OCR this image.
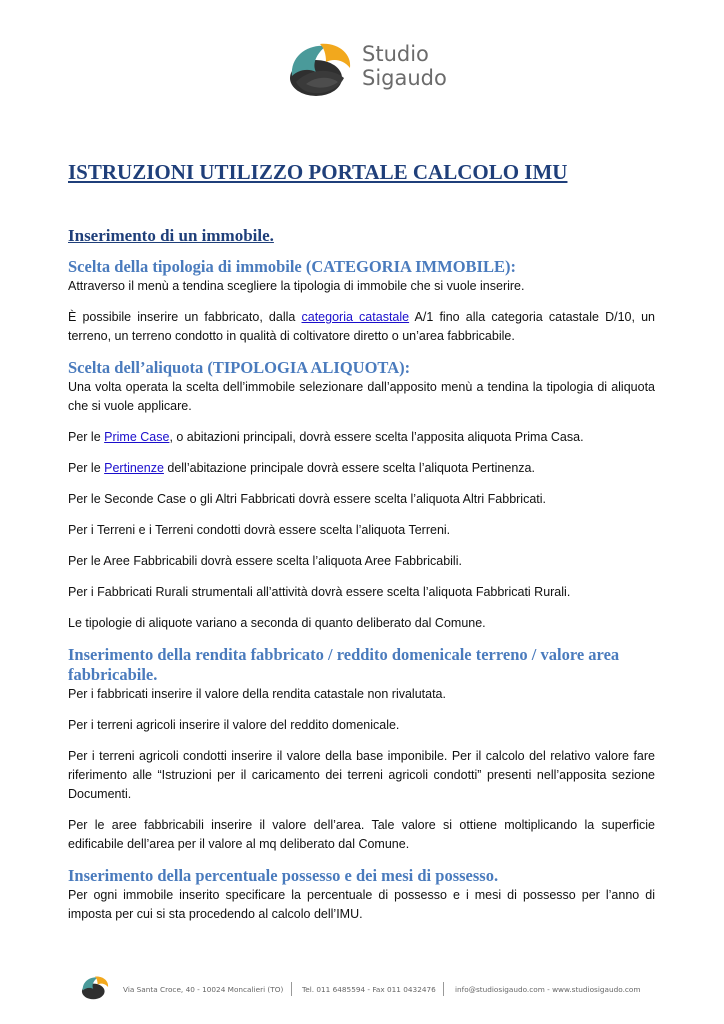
Studio
Sigaudo
ISTRUZIONI UTILIZZO PORTALE CALCOLO IMU
Inserimento di un immobile.
Scelta della tipologia di immobile (CATEGORIA IMMOBILE):

Attraverso il menù a tendina scegliere la tipologia di immobile che si vuole inserire.

È possibile inserire un fabbricato, dalla categoria catastale A/1 fino alla categoria catastale D/10, un terreno, un terreno condotto in qualità di coltivatore diretto o un’area fabbricabile.

Scelta dell’aliquota (TIPOLOGIA ALIQUOTA):

Una volta operata la scelta dell’immobile selezionare dall’apposito menù a tendina la tipologia di aliquota che si vuole applicare.

Per le Prime Case, o abitazioni principali, dovrà essere scelta l’apposita aliquota Prima Casa.

Per le Pertinenze dell’abitazione principale dovrà essere scelta l’aliquota Pertinenza.

Per le Seconde Case o gli Altri Fabbricati dovrà essere scelta l’aliquota Altri Fabbricati.

Per i Terreni e i Terreni condotti dovrà essere scelta l’aliquota Terreni.

Per le Aree Fabbricabili dovrà essere scelta l’aliquota Aree Fabbricabili.

Per i Fabbricati Rurali strumentali all’attività dovrà essere scelta l’aliquota Fabbricati Rurali.

Le tipologie di aliquote variano a seconda di quanto deliberato dal Comune.

Inserimento della rendita fabbricato / reddito domenicale terreno / valore area fabbricabile.

Per i fabbricati inserire il valore della rendita catastale non rivalutata.

Per i terreni agricoli inserire il valore del reddito domenicale.

Per i terreni agricoli condotti inserire il valore della base imponibile. Per il calcolo del relativo valore fare riferimento alle “Istruzioni per il caricamento dei terreni agricoli condotti” presenti nell’apposita sezione Documenti.

Per le aree fabbricabili inserire il valore dell’area. Tale valore si ottiene moltiplicando la superficie edificabile dell’area per il valore al mq deliberato dal Comune.

Inserimento della percentuale possesso e dei mesi di possesso.

Per ogni immobile inserito specificare la percentuale di possesso e i mesi di possesso per l’anno di imposta per cui si sta procedendo al calcolo dell’IMU.

Via Santa Croce, 40 - 10024 Moncalieri (TO)	Tel. 011 6485594 - Fax 011 0432476	info@studiosigaudo.com - www.studiosigaudo.com
